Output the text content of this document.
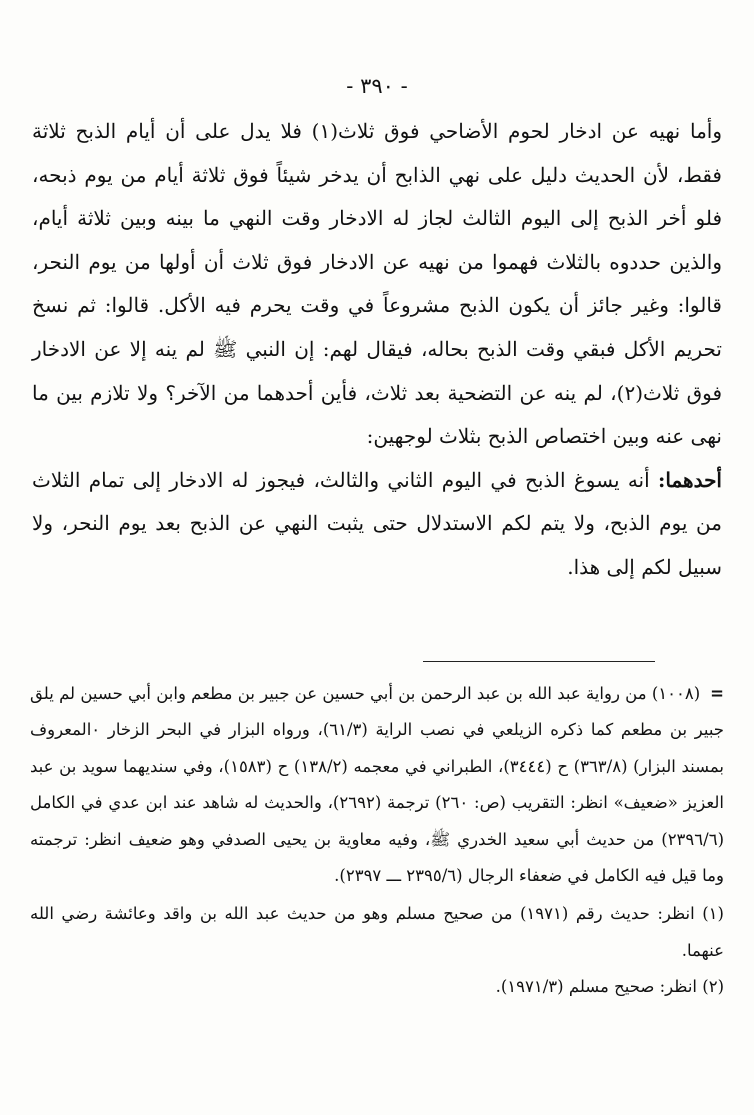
- ٣٩٠ -

وأما نهيه عن ادخار لحوم الأضاحي فوق ثلاث(١) فلا يدل على أن أيام الذبح ثلاثة فقط، لأن الحديث دليل على نهي الذابح أن يدخر شيئاً فوق ثلاثة أيام من يوم ذبحه، فلو أخر الذبح إلى اليوم الثالث لجاز له الادخار وقت النهي ما بينه وبين ثلاثة أيام، والذين حددوه بالثلاث فهموا من نهيه عن الادخار فوق ثلاث أن أولها من يوم النحر، قالوا: وغير جائز أن يكون الذبح مشروعاً في وقت يحرم فيه الأكل. قالوا: ثم نسخ تحريم الأكل فبقي وقت الذبح بحاله، فيقال لهم: إن النبي ﷺ لم ينه إلا عن الادخار فوق ثلاث(٢)، لم ينه عن التضحية بعد ثلاث، فأين أحدهما من الآخر؟ ولا تلازم بين ما نهى عنه وبين اختصاص الذبح بثلاث لوجهين:

أحدهما: أنه يسوغ الذبح في اليوم الثاني والثالث، فيجوز له الادخار إلى تمام الثلاث من يوم الذبح، ولا يتم لكم الاستدلال حتى يثبت النهي عن الذبح بعد يوم النحر، ولا سبيل لكم إلى هذا.

=(١٠٠٨) من رواية عبد الله بن عبد الرحمن بن أبي حسين عن جبير بن مطعم وابن أبي حسين لم يلق جبير بن مطعم كما ذكره الزيلعي في نصب الراية (٦١/٣)، ورواه البزار في البحر الزخار ٠المعروف بمسند البزار) (٣٦٣/٨) ح (٣٤٤٤)، الطبراني في معجمه (١٣٨/٢) ح (١٥٨٣)، وفي سنديهما سويد بن عبد العزيز «ضعيف» انظر: التقريب (ص: ٢٦٠) ترجمة (٢٦٩٢)، والحديث له شاهد عند ابن عدي في الكامل (٢٣٩٦/٦) من حديث أبي سعيد الخدري ﷺ، وفيه معاوية بن يحيى الصدفي وهو ضعيف انظر: ترجمته وما قيل فيه الكامل في ضعفاء الرجال (٢٣٩٥/٦ ـــ ٢٣٩٧).

(١) انظر: حديث رقم (١٩٧١) من صحيح مسلم وهو من حديث عبد الله بن واقد وعائشة رضي الله عنهما.

(٢) انظر: صحيح مسلم (١٩٧١/٣).
